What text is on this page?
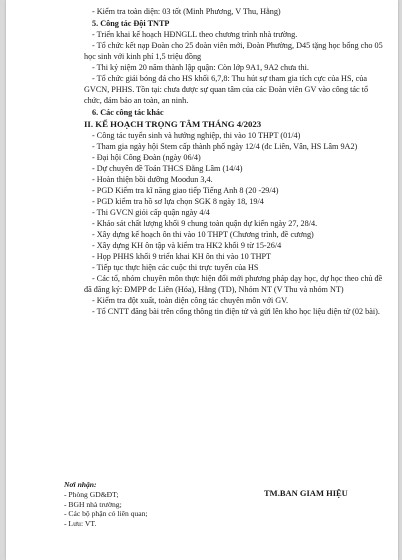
- Kiểm tra toàn diện: 03 tốt (Minh Phương, V Thu, Hằng)

5. Công tác Đội TNTP

- Triển khai kế hoạch HĐNGLL theo chương trình nhà trường.

- Tổ chức kết nạp Đoàn cho 25 đoàn viên mới, Đoàn Phường, D45 tặng học bổng cho 05 học sinh với kinh phí 1,5 triệu đồng

- Thi kỷ niệm 20 năm thành lập quận: Còn lớp 9A1, 9A2 chưa thi.

- Tổ chức giải bóng đá cho HS khối 6,7,8: Thu hút sự tham gia tích cực của HS, của GVCN, PHHS. Tồn tại: chưa được sự quan tâm của các Đoàn viên GV vào công tác tổ chức, đảm bảo an toàn, an ninh.

6. Các công tác khác

II. KẾ HOẠCH TRỌNG TÂM THÁNG 4/2023

- Công tác tuyển sinh và hướng nghiệp, thi vào 10 THPT (01/4)

- Tham gia ngày hội Stem cấp thành phố ngày 12/4 (đc Liên, Vân, HS Lâm 9A2)

- Đại hội Công Đoàn (ngày 06/4)

- Dự chuyên đề Toán THCS Đằng Lâm (14/4)

- Hoàn thiện bồi dưỡng Moodun 3,4.

- PGD Kiểm tra kĩ năng giao tiếp Tiếng Anh 8 (20 -29/4)

- PGD kiểm tra hồ sơ lựa chọn SGK 8 ngày 18, 19/4

- Thi GVCN giỏi cấp quận ngày 4/4

- Khảo sát chất lượng khối 9 chung toàn quận dự kiến ngày 27, 28/4.

- Xây dựng kế hoạch ôn thi vào 10 THPT (Chương trình, đề cương)

- Xây dựng KH ôn tập và kiểm tra HK2 khối 9 từ 15-26/4

- Họp PHHS khối 9 triển khai KH ôn thi vào 10 THPT

- Tiếp tục thực hiện các cuộc thi trực tuyến của HS

- Các tổ, nhóm chuyên môn thực hiện đổi mới phương pháp dạy học, dự học theo chủ đề đã đăng ký: ĐMPP đc Liên (Hóa), Hằng (TD), Nhóm NT (V Thu và nhóm NT)

- Kiểm tra đột xuất, toàn diện công tác chuyên môn với GV.

- Tổ CNTT đăng bài trên cổng thông tin điện tử và gửi lên kho học liệu điện tử (02 bài).

Nơi nhận:
- Phòng GD&ĐT;
- BGH nhà trường;
- Các bộ phận có liên quan;
- Lưu: VT.
TM.BAN GIAM HIỆU
